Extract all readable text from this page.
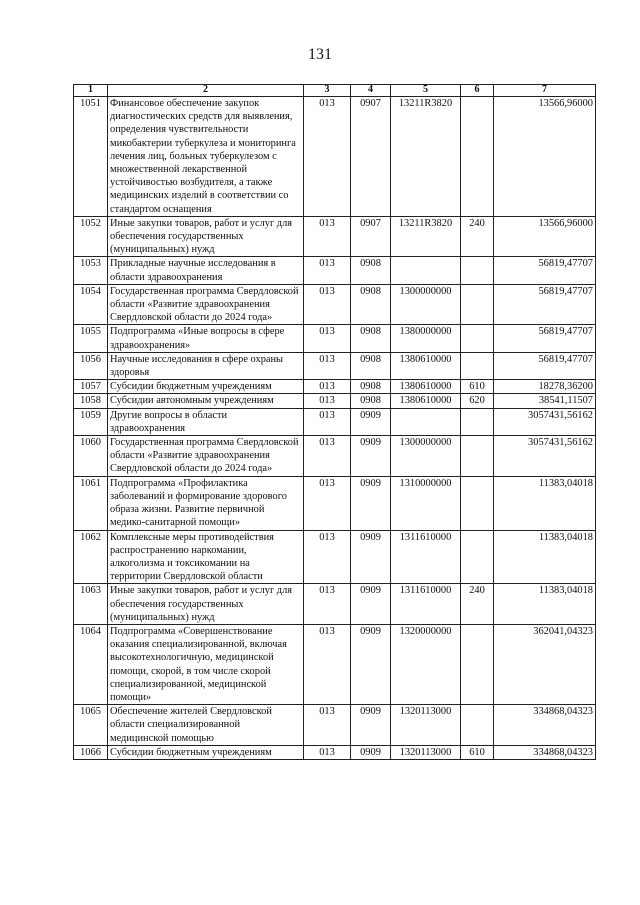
131
1	2	3	4	5	6	7
1051	Финансовое обеспечение закупок диагностических средств для выявления, определения чувствительности микобактерии туберкулеза и мониторинга лечения лиц, больных туберкулезом с множественной лекарственной устойчивостью возбудителя, а также медицинских изделий в соответствии со стандартом оснащения	013	0907	13211R3820		13566,96000
1052	Иные закупки товаров, работ и услуг для обеспечения государственных (муниципальных) нужд	013	0907	13211R3820	240	13566,96000
1053	Прикладные научные исследования в области здравоохранения	013	0908			56819,47707
1054	Государственная программа Свердловской области «Развитие здравоохранения Свердловской области до 2024 года»	013	0908	1300000000		56819,47707
1055	Подпрограмма «Иные вопросы в сфере здравоохранения»	013	0908	1380000000		56819,47707
1056	Научные исследования в сфере охраны здоровья	013	0908	1380610000		56819,47707
1057	Субсидии бюджетным учреждениям	013	0908	1380610000	610	18278,36200
1058	Субсидии автономным учреждениям	013	0908	1380610000	620	38541,11507
1059	Другие вопросы в области здравоохранения	013	0909			3057431,56162
1060	Государственная программа Свердловской области «Развитие здравоохранения Свердловской области до 2024 года»	013	0909	1300000000		3057431,56162
1061	Подпрограмма «Профилактика заболеваний и формирование здорового образа жизни. Развитие первичной медико-санитарной помощи»	013	0909	1310000000		11383,04018
1062	Комплексные меры противодействия распространению наркомании, алкоголизма и токсикомании на территории Свердловской области	013	0909	1311610000		11383,04018
1063	Иные закупки товаров, работ и услуг для обеспечения государственных (муниципальных) нужд	013	0909	1311610000	240	11383,04018
1064	Подпрограмма «Совершенствование оказания специализированной, включая высокотехнологичную, медицинской помощи, скорой, в том числе скорой специализированной, медицинской помощи»	013	0909	1320000000		362041,04323
1065	Обеспечение жителей Свердловской области специализированной медицинской помощью	013	0909	1320113000		334868,04323
1066	Субсидии бюджетным учреждениям	013	0909	1320113000	610	334868,04323
